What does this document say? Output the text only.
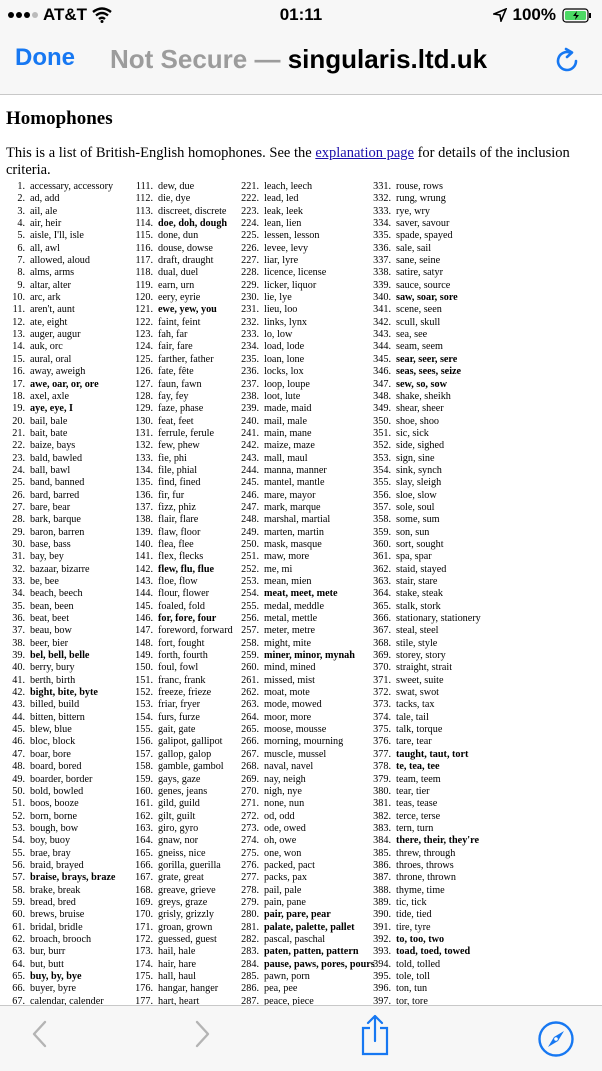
AT&T	01:11	100%
Done Not Secure — singularis.ltd.uk
Homophones

This is a list of British-English homophones. See the explanation page for details of the inclusion criteria.

1. accessary, accessory
2. ad, add
3. ail, ale
4. air, heir
5. aisle, I'll, isle
6. all, awl
7. allowed, aloud
8. alms, arms
9. altar, alter
10. arc, ark
11. aren't, aunt
12. ate, eight
13. auger, augur
14. auk, orc
15. aural, oral
16. away, aweigh
17. awe, oar, or, ore
18. axel, axle
19. aye, eye, I
20. bail, bale
21. bait, bate
22. baize, bays
23. bald, bawled
24. ball, bawl
25. band, banned
26. bard, barred
27. bare, bear
28. bark, barque
29. baron, barren
30. base, bass
31. bay, bey
32. bazaar, bizarre
33. be, bee
34. beach, beech
35. bean, been
36. beat, beet
37. beau, bow
38. beer, bier
39. bel, bell, belle
40. berry, bury
41. berth, birth
42. bight, bite, byte
43. billed, build
44. bitten, bittern
45. blew, blue
46. bloc, block
47. boar, bore
48. board, bored
49. boarder, border
50. bold, bowled
51. boos, booze
52. born, borne
53. bough, bow
54. boy, buoy
55. brae, bray
56. braid, brayed
57. braise, brays, braze
58. brake, break
59. bread, bred
60. brews, bruise
61. bridal, bridle
62. broach, brooch
63. bur, burr
64. but, butt
65. buy, by, bye
66. buyer, byre
67. calendar, calender
111. dew, due
112. die, dye
113. discreet, discrete
114. doe, doh, dough
115. done, dun
116. douse, dowse
117. draft, draught
118. dual, duel
119. earn, urn
120. eery, eyrie
121. ewe, yew, you
122. faint, feint
123. fah, far
124. fair, fare
125. farther, father
126. fate, fête
127. faun, fawn
128. fay, fey
129. faze, phase
130. feat, feet
131. ferrule, ferule
132. few, phew
133. fie, phi
134. file, phial
135. find, fined
136. fir, fur
137. fizz, phiz
138. flair, flare
139. flaw, floor
140. flea, flee
141. flex, flecks
142. flew, flu, flue
143. floe, flow
144. flour, flower
145. foaled, fold
146. for, fore, four
147. foreword, forward
148. fort, fought
149. forth, fourth
150. foul, fowl
151. franc, frank
152. freeze, frieze
153. friar, fryer
154. furs, furze
155. gait, gate
156. galipot, gallipot
157. gallop, galop
158. gamble, gambol
159. gays, gaze
160. genes, jeans
161. gild, guild
162. gilt, guilt
163. giro, gyro
164. gnaw, nor
165. gneiss, nice
166. gorilla, guerilla
167. grate, great
168. greave, grieve
169. greys, graze
170. grisly, grizzly
171. groan, grown
172. guessed, guest
173. hail, hale
174. hair, hare
175. hall, haul
176. hangar, hanger
177. hart, heart
221. leach, leech
222. lead, led
223. leak, leek
224. lean, lien
225. lessen, lesson
226. levee, levy
227. liar, lyre
228. licence, license
229. licker, liquor
230. lie, lye
231. lieu, loo
232. links, lynx
233. lo, low
234. load, lode
235. loan, lone
236. locks, lox
237. loop, loupe
238. loot, lute
239. made, maid
240. mail, male
241. main, mane
242. maize, maze
243. mall, maul
244. manna, manner
245. mantel, mantle
246. mare, mayor
247. mark, marque
248. marshal, martial
249. marten, martin
250. mask, masque
251. maw, more
252. me, mi
253. mean, mien
254. meat, meet, mete
255. medal, meddle
256. metal, mettle
257. meter, metre
258. might, mite
259. miner, minor, mynah
260. mind, mined
261. missed, mist
262. moat, mote
263. mode, mowed
264. moor, more
265. moose, mousse
266. morning, mourning
267. muscle, mussel
268. naval, navel
269. nay, neigh
270. nigh, nye
271. none, nun
272. od, odd
273. ode, owed
274. oh, owe
275. one, won
276. packed, pact
277. packs, pax
278. pail, pale
279. pain, pane
280. pair, pare, pear
281. palate, palette, pallet
282. pascal, paschal
283. paten, patten, pattern
284. pause, paws, pores, pours
285. pawn, porn
286. pea, pee
287. peace, piece
331. rouse, rows
332. rung, wrung
333. rye, wry
334. saver, savour
335. spade, spayed
336. sale, sail
337. sane, seine
338. satire, satyr
339. sauce, source
340. saw, soar, sore
341. scene, seen
342. scull, skull
343. sea, see
344. seam, seem
345. sear, seer, sere
346. seas, sees, seize
347. sew, so, sow
348. shake, sheikh
349. shear, sheer
350. shoe, shoo
351. sic, sick
352. side, sighed
353. sign, sine
354. sink, synch
355. slay, sleigh
356. sloe, slow
357. sole, soul
358. some, sum
359. son, sun
360. sort, sought
361. spa, spar
362. staid, stayed
363. stair, stare
364. stake, steak
365. stalk, stork
366. stationary, stationery
367. steal, steel
368. stile, style
369. storey, story
370. straight, strait
371. sweet, suite
372. swat, swot
373. tacks, tax
374. tale, tail
375. talk, torque
376. tare, tear
377. taught, taut, tort
378. te, tea, tee
379. team, teem
380. tear, tier
381. teas, tease
382. terce, terse
383. tern, turn
384. there, their, they're
385. threw, through
386. throes, throws
387. throne, thrown
388. thyme, time
389. tic, tick
390. tide, tied
391. tire, tyre
392. to, too, two
393. toad, toed, towed
394. told, tolled
395. tole, toll
396. ton, tun
397. tor, tore
